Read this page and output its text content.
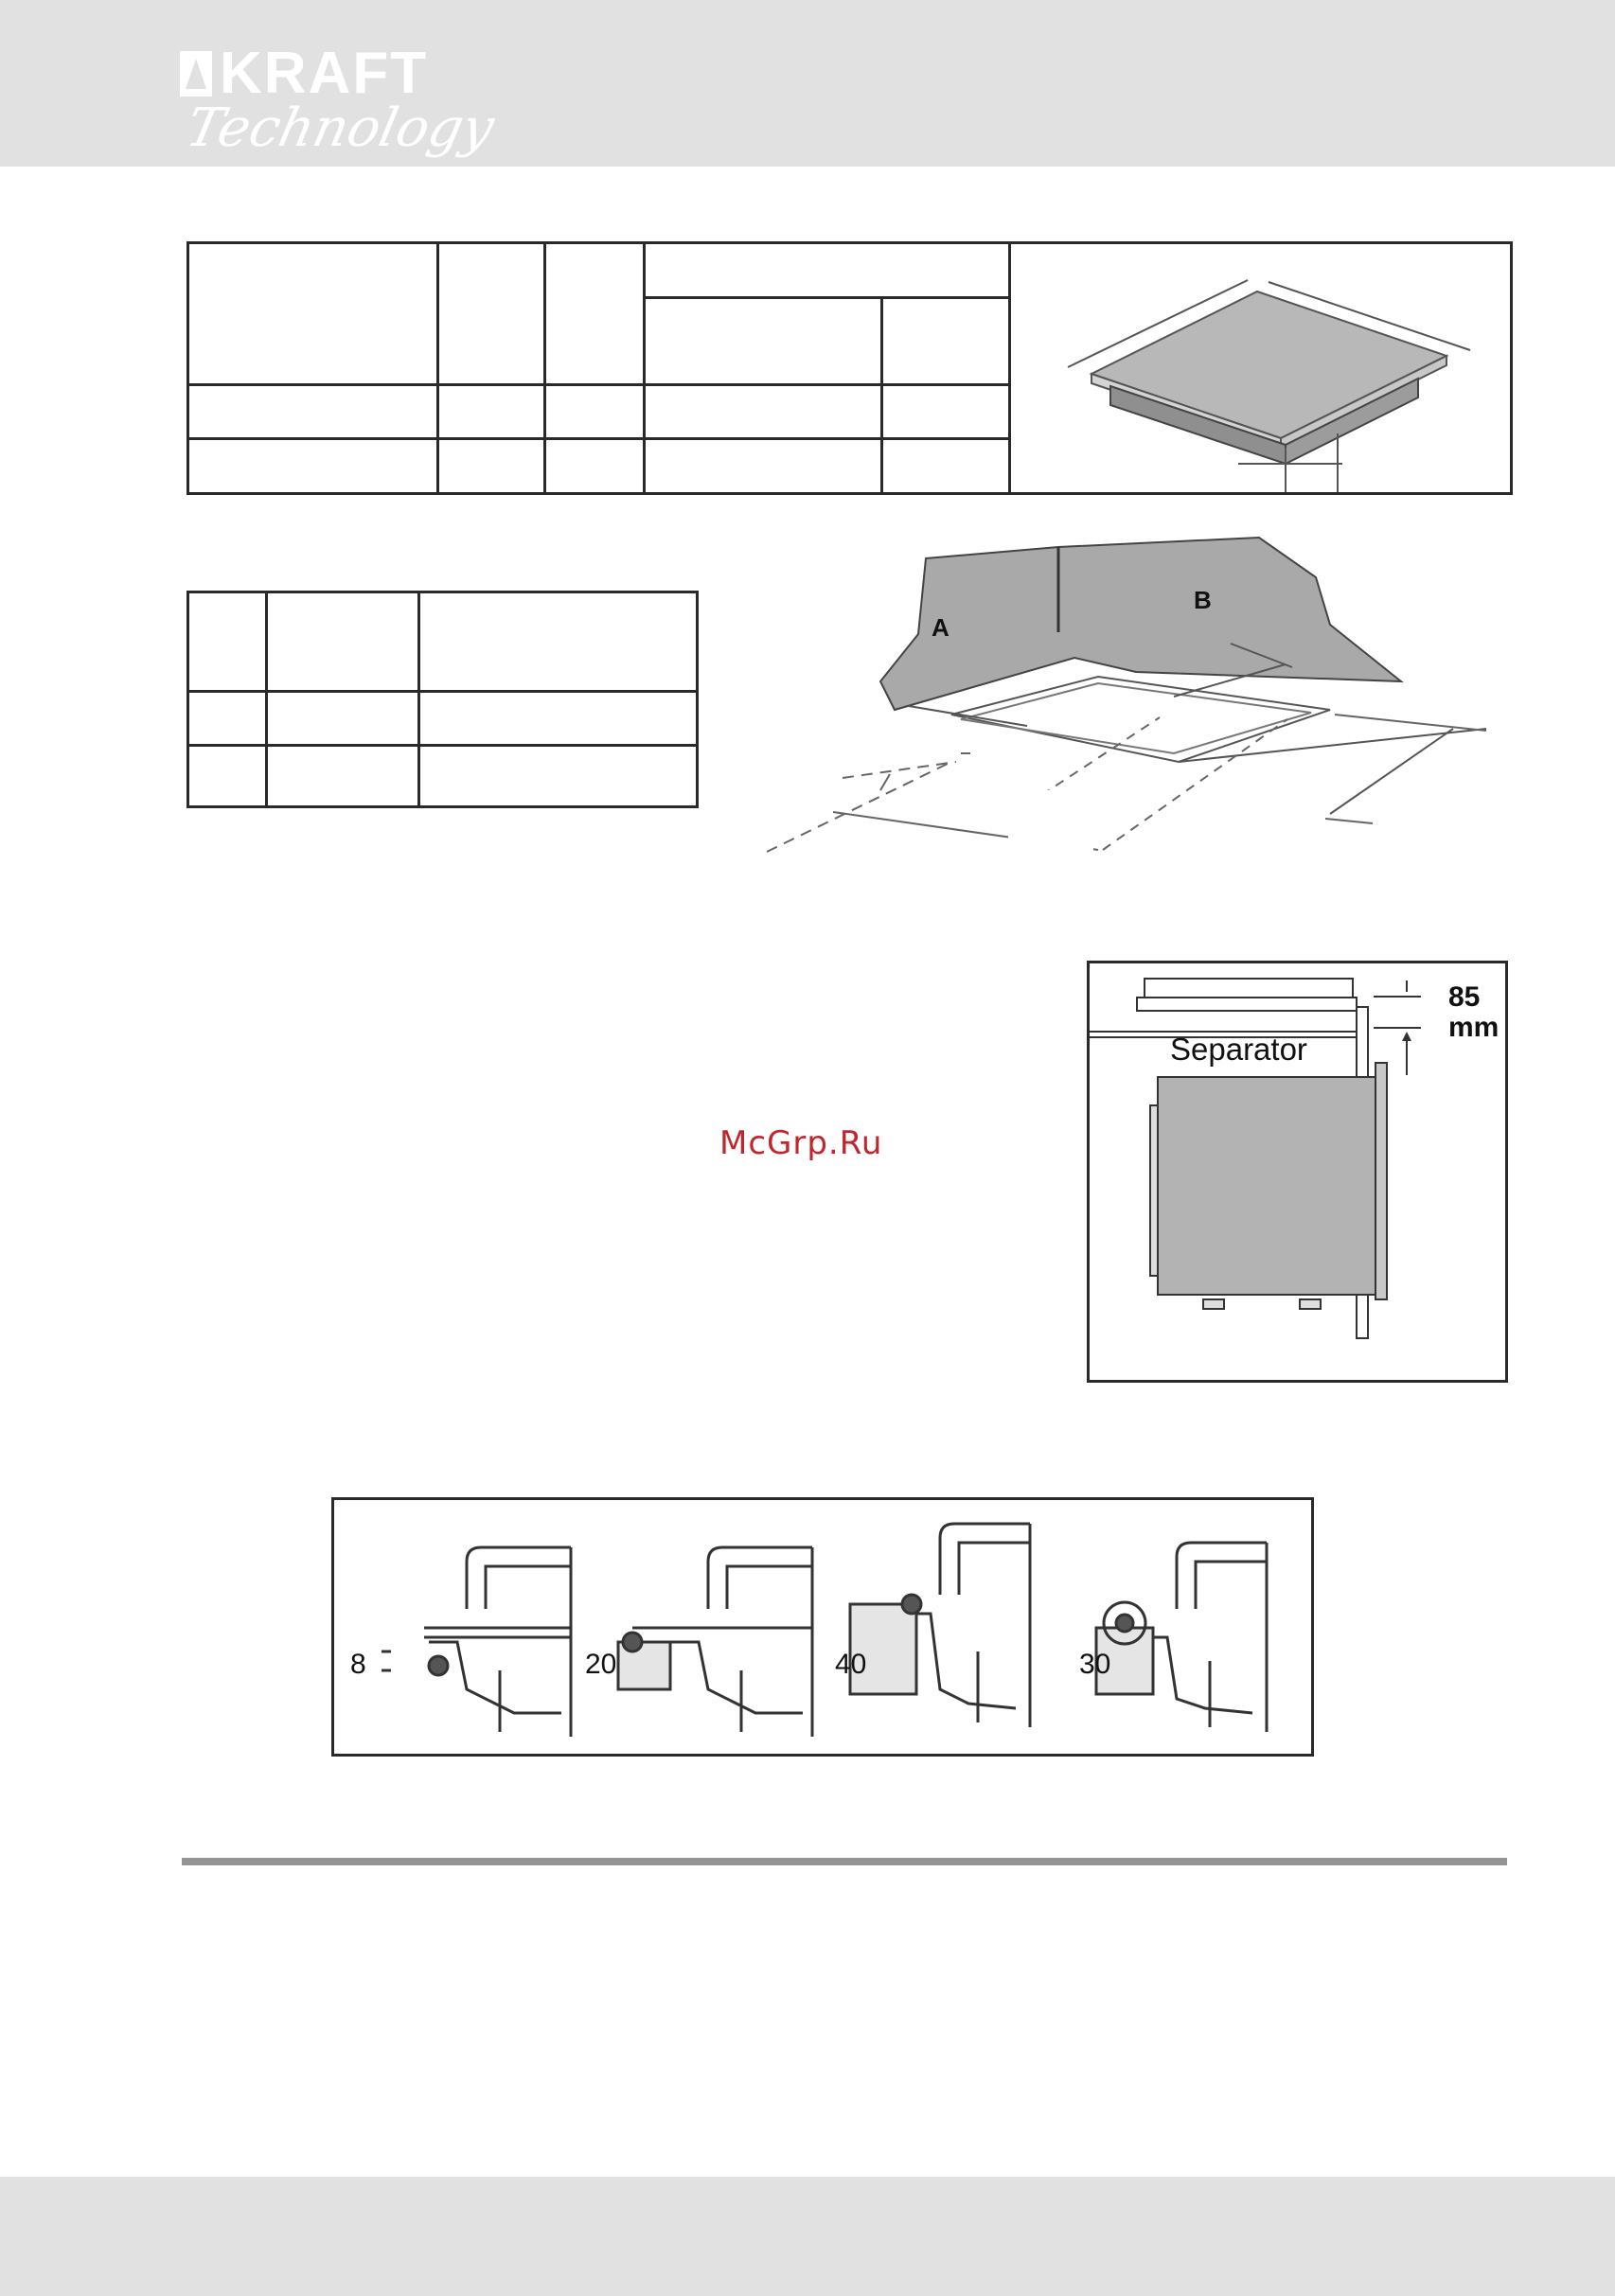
KRAFT
Technology

A
B
McGrp.Ru
Separator
85
mm
8	20	40	30
